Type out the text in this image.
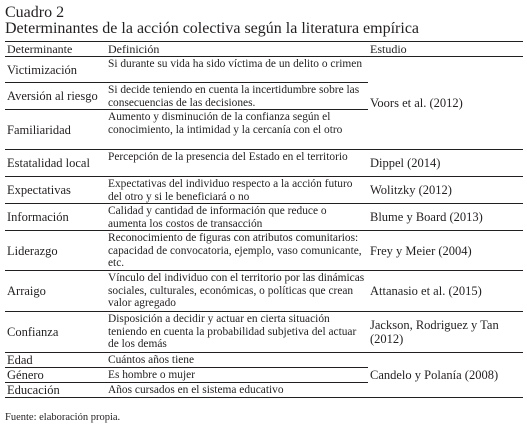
Cuadro 2
Determinantes de la acción colectiva según la literatura empírica
Determinante	Definición	Estudio
Victimización	Si durante su vida ha sido víctima de un delito o crimen	Voors et al. (2012)
Aversión al riesgo	Si decide teniendo en cuenta la incertidumbre sobre las consecuencias de las decisiones.	
Familiaridad	Aumento y disminución de la confianza según el conocimiento, la intimidad y la cercanía con el otro	
Estatalidad local	Percepción de la presencia del Estado en el territorio	Dippel (2014)
Expectativas	Expectativas del individuo respecto a la acción futuro del otro y si le beneficiará o no	Wolitzky (2012)
Información	Calidad y cantidad de información que reduce o aumenta los costos de transacción	Blume y Board (2013)
Liderazgo	Reconocimiento de figuras con atributos comunitarios: capacidad de convocatoria, ejemplo, vaso comunicante, etc.	Frey y Meier (2004)
Arraigo	Vínculo del individuo con el territorio por las dinámicas sociales, culturales, económicas, o políticas que crean valor agregado	Attanasio et al. (2015)
Confianza	Disposición a decidir y actuar en cierta situación teniendo en cuenta la probabilidad subjetiva del actuar de los demás	Jackson, Rodriguez y Tan (2012)
Edad	Cuántos años tiene	Candelo y Polanía (2008)
Género	Es hombre o mujer	
Educación	Años cursados en el sistema educativo	
Fuente: elaboración propia.
